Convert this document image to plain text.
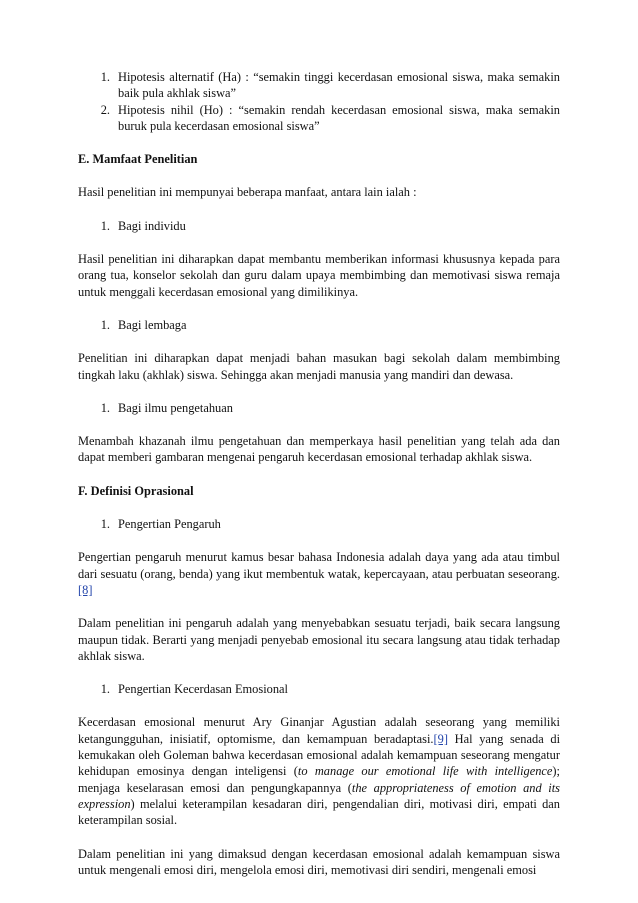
1. Hipotesis alternatif (Ha) : “semakin tinggi kecerdasan emosional siswa, maka semakin baik pula akhlak siswa”
2. Hipotesis nihil (Ho) : “semakin rendah kecerdasan emosional siswa, maka semakin buruk pula kecerdasan emosional siswa”
E. Mamfaat Penelitian

Hasil penelitian ini mempunyai beberapa manfaat, antara lain ialah :

1. Bagi individu

Hasil penelitian ini diharapkan dapat membantu memberikan informasi khususnya kepada para orang tua, konselor sekolah dan guru dalam upaya membimbing dan memotivasi siswa remaja untuk menggali kecerdasan emosional yang dimilikinya.

1. Bagi lembaga

Penelitian ini diharapkan dapat menjadi bahan masukan bagi sekolah dalam membimbing tingkah laku (akhlak) siswa. Sehingga akan menjadi manusia yang mandiri dan dewasa.

1. Bagi ilmu pengetahuan

Menambah khazanah ilmu pengetahuan dan memperkaya hasil penelitian yang telah ada dan dapat memberi gambaran mengenai pengaruh kecerdasan emosional terhadap akhlak siswa.

F. Definisi Oprasional
1. Pengertian Pengaruh

Pengertian pengaruh menurut kamus besar bahasa Indonesia adalah daya yang ada atau timbul dari sesuatu (orang, benda) yang ikut membentuk watak, kepercayaan, atau perbuatan seseorang.[8]

Dalam penelitian ini pengaruh adalah yang menyebabkan sesuatu terjadi, baik secara langsung maupun tidak. Berarti yang menjadi penyebab emosional itu secara langsung atau tidak terhadap akhlak siswa.

1. Pengertian Kecerdasan Emosional

Kecerdasan emosional menurut Ary Ginanjar Agustian adalah seseorang yang memiliki ketangungguhan, inisiatif, optomisme, dan kemampuan beradaptasi.[9] Hal yang senada di kemukakan oleh Goleman bahwa kecerdasan emosional adalah kemampuan seseorang mengatur kehidupan emosinya dengan inteligensi (to manage our emotional life with intelligence); menjaga keselarasan emosi dan pengungkapannya (the appropriateness of emotion and its expression) melalui keterampilan kesadaran diri, pengendalian diri, motivasi diri, empati dan keterampilan sosial.

Dalam penelitian ini yang dimaksud dengan kecerdasan emosional adalah kemampuan siswa untuk mengenali emosi diri, mengelola emosi diri, memotivasi diri sendiri, mengenali emosi
